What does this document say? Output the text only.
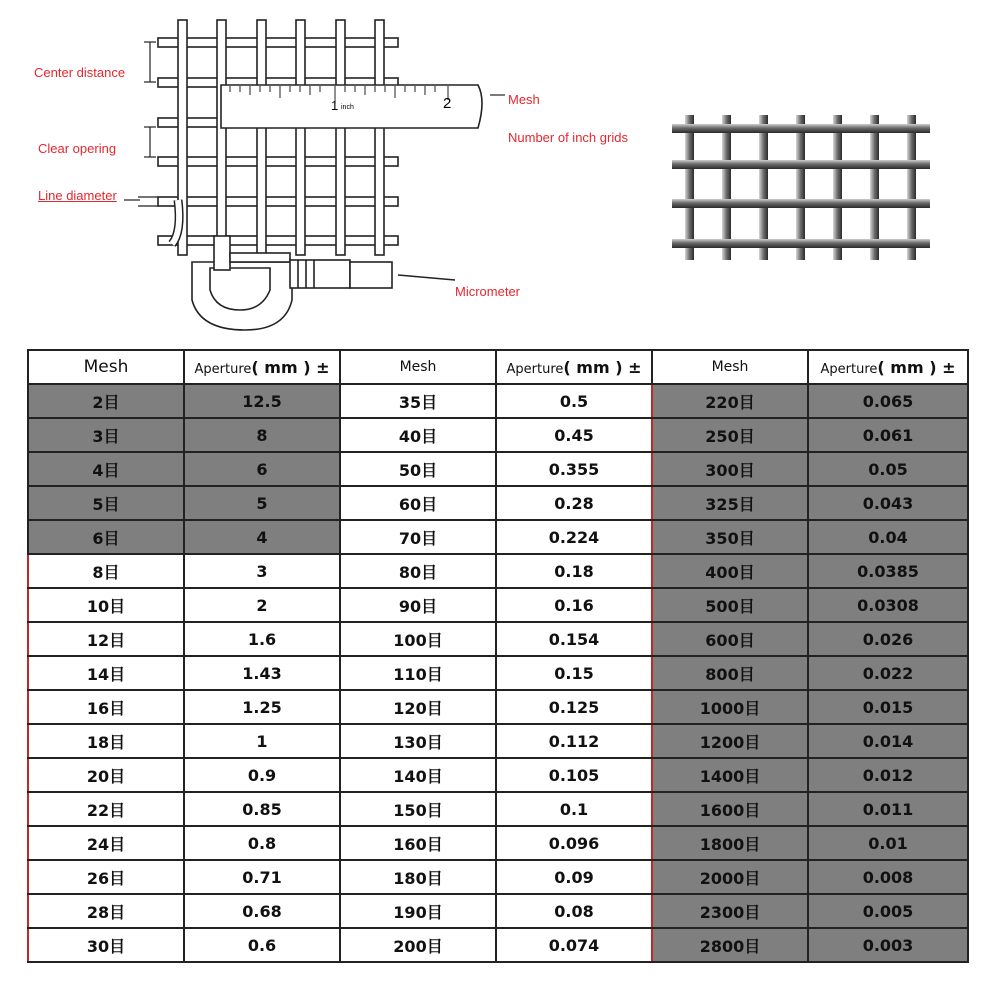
Center distance
Clear opering
Line diameter
Mesh
Number of inch grids
Micrometer
1 inch	2
Mesh	Aperture( mm ) ±	Mesh	Aperture( mm ) ±	Mesh	Aperture( mm ) ±
2目	12.5	35目	0.5	220目	0.065
3目	8	40目	0.45	250目	0.061
4目	6	50目	0.355	300目	0.05
5目	5	60目	0.28	325目	0.043
6目	4	70目	0.224	350目	0.04
8目	3	80目	0.18	400目	0.0385
10目	2	90目	0.16	500目	0.0308
12目	1.6	100目	0.154	600目	0.026
14目	1.43	110目	0.15	800目	0.022
16目	1.25	120目	0.125	1000目	0.015
18目	1	130目	0.112	1200目	0.014
20目	0.9	140目	0.105	1400目	0.012
22目	0.85	150目	0.1	1600目	0.011
24目	0.8	160目	0.096	1800目	0.01
26目	0.71	180目	0.09	2000目	0.008
28目	0.68	190目	0.08	2300目	0.005
30目	0.6	200目	0.074	2800目	0.003
